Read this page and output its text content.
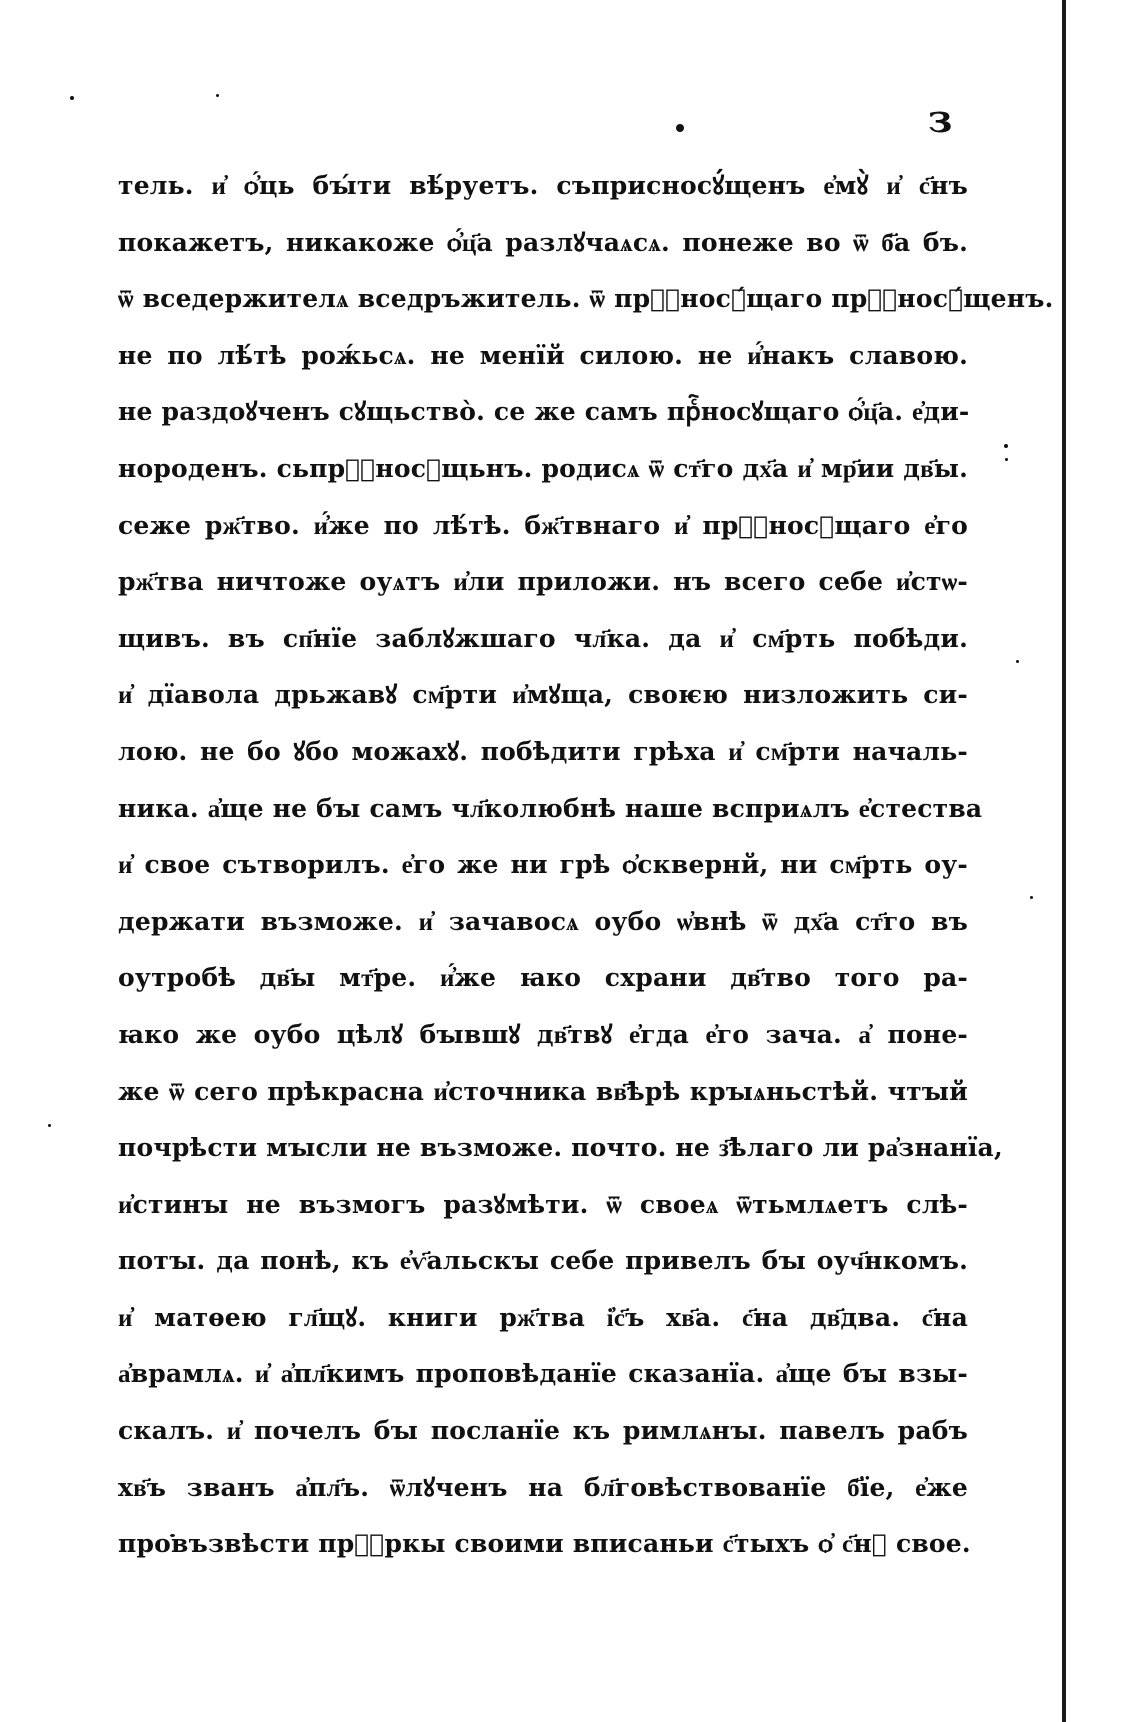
з
тель. и҆ ѻ҆́ць бꙑ́ти вѣ́руетъ. съприсносꙋ́щенъ е҆мꙋ̀ и҆ с҃нъ
покажетъ, никакоже ѻ҆́ц҃а разлꙋчаѧсѧ. понеже во ѿ б҃а бъ.
ѿ вседержителѧ вседръжитель. ѿ прⷭ҇носꙋ́щаго прⷭ҇носꙋ́щенъ.
не по лѣ́тѣ рож́ьсѧ. не менїй силою. не и҆́накъ славою.
не раздоꙋченъ сꙋщьство̀. се же самъ прⷭ҇носꙋщаго ѻ҆́ц҃а. е҆ди-
нороденъ. сьпрⷭ҇носꙋщьнъ. родисѧ ѿ ст҃го дх҃а и҆ мр҃ии дв҃ы.
сеже рж҃тво. и҆́же по лѣ́тѣ. бж҃твнаго и҆ прⷭ҇носꙋщаго е҆го
рж҃тва ничтоже оуѧтъ и҆ли приложи. нъ всего себе и҆стѡ-
щивъ. въ сп҃нїе заблꙋжшаго чл҃ка. да и҆ см҃рть побѣди.
и҆ дїавола дрьжавꙋ см҃рти и҆мꙋща, своѥю низложить си-
лою. не бо ꙋбо можахꙋ. побѣдити грѣха и҆ см҃рти началь-
ника. а҆ще не бꙑ самъ чл҃колюбнѣ наше всприѧлъ е҆стества
и҆ свое сътворилъ. е҆го же ни грѣ ѻ҆сквернй, ни см҃рть оу-
держати възможе. и҆ зачавосѧ оубо ѡ҆внѣ ѿ дх҃а ст҃го въ
оутробѣ дв҃ы мт҃ре. и҆́же ꙗко схрани дв҃тво того ра-
ꙗко же оубо цѣлꙋ бꙑвшꙋ дв҃твꙋ е҆гда е҆го зача. а҆ поне-
же ѿ сего прѣкрасна и҆сточника вв҃ѣрѣ крꙑѧньстѣй. чтꙑй
почрѣсти мꙑсли не възможе. почто. не з҃ѣлаго ли ра҆знанїа,
и҆стинꙑ не възмогъ разꙋмѣти. ѿ своеѧ ѿтьмлѧетъ слѣ-
потꙑ. да понѣ, къ е҆ѵ҃альскꙑ себе привелъ бꙑ оуч҃нкомъ.
и҆ матѳею гл҃щꙋ. книги рж҃тва і҆с҃ъ хв҃а. с҃на дв҃два. с҃на
а҆врамлѧ. и҆ а҆пл҃кимъ проповѣданїе сказанїа. а҆ще бꙑ взы-
скалъ. и҆ почелъ бꙑ посланїе къ римлѧнꙑ. павелъ рабъ
хв҃ъ званъ а҆пл҃ъ. ѿлꙋченъ на бл҃говѣствованїе б҃їе, е҆же
провъзвѣсти прⷪ҇ркы своими вписаньи с҃тыхъ ѻ҆ с҃нꙋ свое.
